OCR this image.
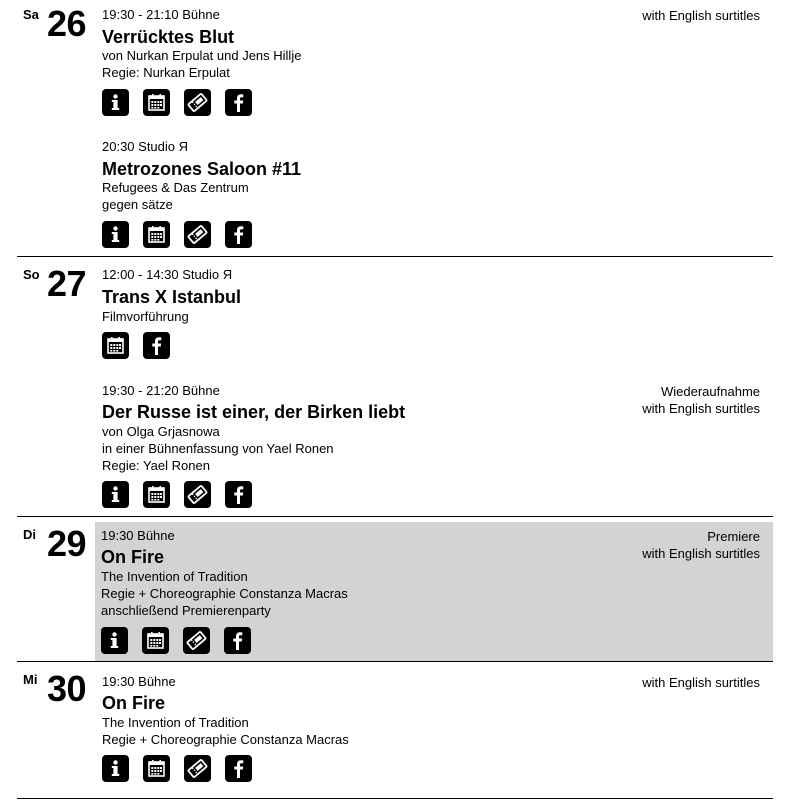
Sa 26 19:30 - 21:10 Bühne
Verrücktes Blut
von Nurkan Erpulat und Jens Hillje
Regie: Nurkan Erpulat
with English surtitles
20:30 Studio Я
Metrozones Saloon #11
Refugees & Das Zentrum
gegen sätze
So 27 12:00 - 14:30 Studio Я
Trans X Istanbul
Filmvorführung
19:30 - 21:20 Bühne
Der Russe ist einer, der Birken liebt
von Olga Grjasnowa
in einer Bühnenfassung von Yael Ronen
Regie: Yael Ronen
Wiederaufnahme
with English surtitles
Di 29 19:30 Bühne
On Fire
The Invention of Tradition
Regie + Choreographie Constanza Macras
anschließend Premierenparty
Premiere
with English surtitles
Mi 30 19:30 Bühne
On Fire
The Invention of Tradition
Regie + Choreographie Constanza Macras
with English surtitles
